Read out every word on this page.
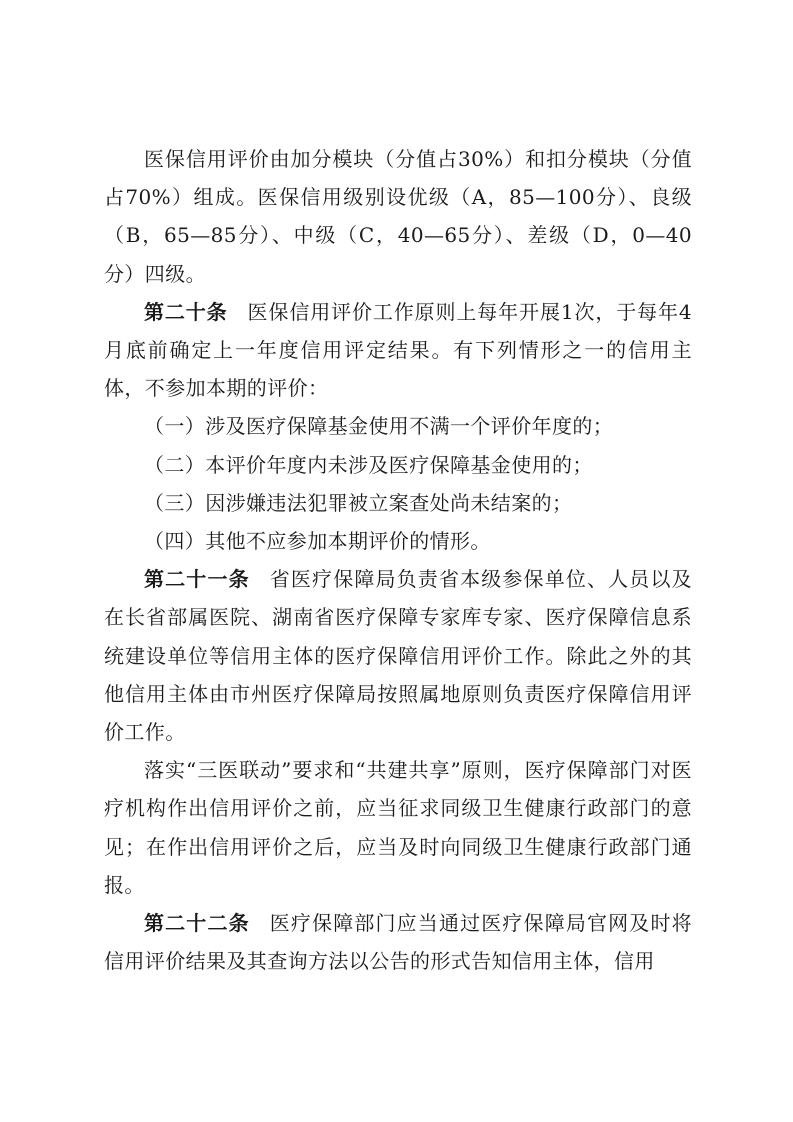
医保信用评价由加分模块（分值占30%）和扣分模块（分值占70%）组成。医保信用级别设优级（A，85—100分）、良级（B，65—85分）、中级（C，40—65分）、差级（D，0—40分）四级。

第二十条 医保信用评价工作原则上每年开展1次，于每年4月底前确定上一年度信用评定结果。有下列情形之一的信用主体，不参加本期的评价：

（一）涉及医疗保障基金使用不满一个评价年度的；

（二）本评价年度内未涉及医疗保障基金使用的；

（三）因涉嫌违法犯罪被立案查处尚未结案的；

（四）其他不应参加本期评价的情形。

第二十一条 省医疗保障局负责省本级参保单位、人员以及在长省部属医院、湖南省医疗保障专家库专家、医疗保障信息系统建设单位等信用主体的医疗保障信用评价工作。除此之外的其他信用主体由市州医疗保障局按照属地原则负责医疗保障信用评价工作。

落实“三医联动”要求和“共建共享”原则，医疗保障部门对医疗机构作出信用评价之前，应当征求同级卫生健康行政部门的意见；在作出信用评价之后，应当及时向同级卫生健康行政部门通报。

第二十二条 医疗保障部门应当通过医疗保障局官网及时将信用评价结果及其查询方法以公告的形式告知信用主体，信用
